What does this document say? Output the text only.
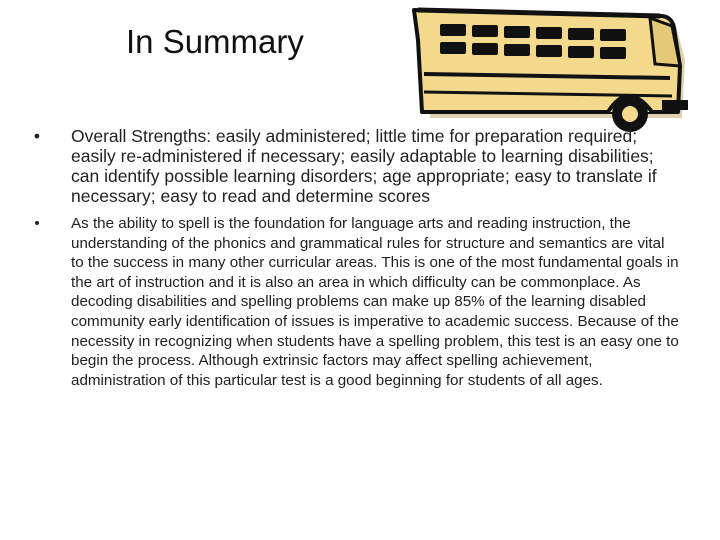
In Summary
• Overall Strengths: easily administered; little time for preparation required; easily re-administered if necessary; easily adaptable to learning disabilities; can identify possible learning disorders; age appropriate; easy to translate if necessary; easy to read and determine scores
• As the ability to spell is the foundation for language arts and reading instruction, the understanding of the phonics and grammatical rules for structure and semantics are vital to the success in many other curricular areas. This is one of the most fundamental goals in the art of instruction and it is also an area in which difficulty can be commonplace. As decoding disabilities and spelling problems can make up 85% of the learning disabled community early identification of issues is imperative to academic success. Because of the necessity in recognizing when students have a spelling problem, this test is an easy one to begin the process. Although extrinsic factors may affect spelling achievement, administration of this particular test is a good beginning for students of all ages.
